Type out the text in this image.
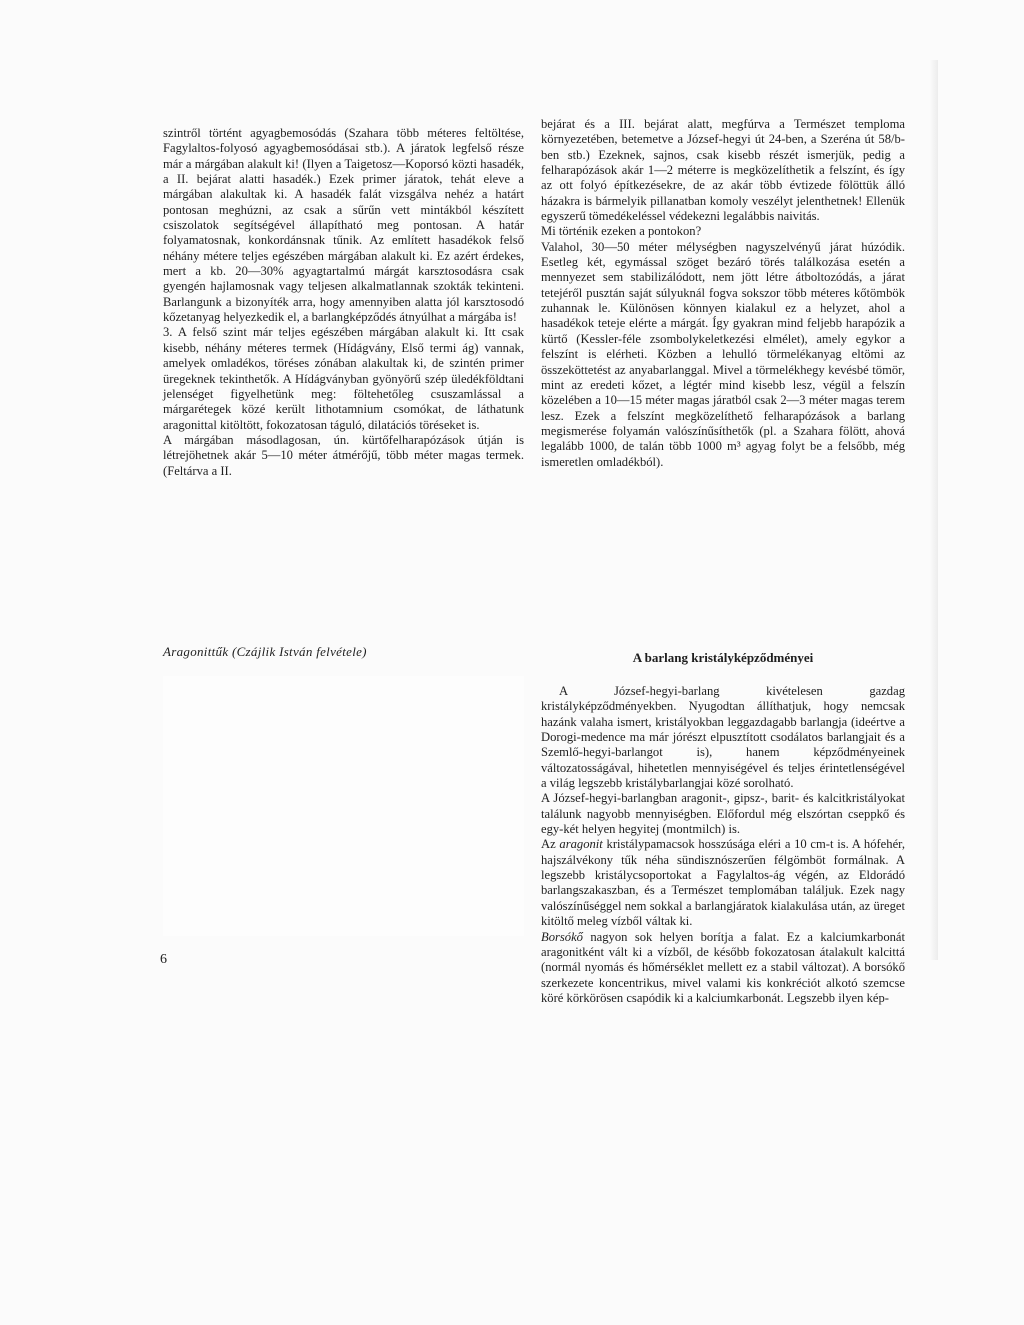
szintről történt agyagbemosódás (Szahara több méteres feltöltése, Fagylaltos-folyosó agyagbemosódásai stb.). A járatok legfelső része már a márgában alakult ki! (Ilyen a Taigetosz—Koporsó közti hasadék, a II. bejárat alatti hasadék.) Ezek primer járatok, tehát eleve a márgában alakultak ki. A hasadék falát vizsgálva nehéz a határt pontosan meghúzni, az csak a sűrűn vett mintákból készített csiszolatok segítségével állapítható meg pontosan. A határ folyamatosnak, konkordánsnak tűnik. Az említett hasadékok felső néhány métere teljes egészében márgában alakult ki. Ez azért érdekes, mert a kb. 20—30% agyagtartalmú márgát karsztosodásra csak gyengén hajlamosnak vagy teljesen alkalmatlannak szokták tekinteni. Barlangunk a bizonyíték arra, hogy amennyiben alatta jól karsztosodó kőzetanyag helyezkedik el, a barlangképződés átnyúlhat a márgába is!

3. A felső szint már teljes egészében márgában alakult ki. Itt csak kisebb, néhány méteres termek (Hídágvány, Első termi ág) vannak, amelyek omladékos, töréses zónában alakultak ki, de szintén primer üregeknek tekinthetők. A Hídágványban gyönyörű szép üledékföldtani jelenséget figyelhetünk meg: föltehetőleg csuszamlással a márgarétegek közé került lithotamnium csomókat, de láthatunk aragonittal kitöltött, fokozatosan táguló, dilatációs töréseket is.

A márgában másodlagosan, ún. kürtőfelharapózások útján is létrejöhetnek akár 5—10 méter átmérőjű, több méter magas termek. (Feltárva a II.

Aragonittűk (Czájlik István felvétele)

bejárat és a III. bejárat alatt, megfúrva a Természet temploma környezetében, betemetve a József-hegyi út 24-ben, a Szeréna út 58/b-ben stb.) Ezeknek, sajnos, csak kisebb részét ismerjük, pedig a felharapózások akár 1—2 méterre is megközelíthetik a felszínt, és így az ott folyó építkezésekre, de az akár több évtizede fölöttük álló házakra is bármelyik pillanatban komoly veszélyt jelenthetnek! Ellenük egyszerű tömedékeléssel védekezni legalábbis naivitás.

Mi történik ezeken a pontokon?

Valahol, 30—50 méter mélységben nagyszelvényű járat húzódik. Esetleg két, egymással szöget bezáró törés találkozása esetén a mennyezet sem stabilizálódott, nem jött létre átboltozódás, a járat tetejéről pusztán saját súlyuknál fogva sokszor több méteres kőtömbök zuhannak le. Különösen könnyen kialakul ez a helyzet, ahol a hasadékok teteje elérte a márgát. Így gyakran mind feljebb harapózik a kürtő (Kessler-féle zsombolykeletkezési elmélet), amely egykor a felszínt is elérheti. Közben a lehulló törmelékanyag eltömi az összeköttetést az anyabarlanggal. Mivel a törmelékhegy kevésbé tömör, mint az eredeti kőzet, a légtér mind kisebb lesz, végül a felszín közelében a 10—15 méter magas járatból csak 2—3 méter magas terem lesz. Ezek a felszínt megközelíthető felharapózások a barlang megismerése folyamán valószínűsíthetők (pl. a Szahara fölött, ahová legalább 1000, de talán több 1000 m³ agyag folyt be a felsőbb, még ismeretlen omladékból).

A barlang kristályképződményei

A József-hegyi-barlang kivételesen gazdag kristályképződményekben. Nyugodtan állíthatjuk, hogy nemcsak hazánk valaha ismert, kristályokban leggazdagabb barlangja (ideértve a Dorogi-medence ma már jórészt elpusztított csodálatos barlangjait és a Szemlő-hegyi-barlangot is), hanem képződményeinek változatosságával, hihetetlen mennyiségével és teljes érintetlenségével a világ legszebb kristálybarlangjai közé sorolható.

A József-hegyi-barlangban aragonit-, gipsz-, barit- és kalcitkristályokat találunk nagyobb mennyiségben. Előfordul még elszórtan cseppkő és egy-két helyen hegyitej (montmilch) is.

Az aragonit kristálypamacsok hosszúsága eléri a 10 cm-t is. A hófehér, hajszálvékony tűk néha sündisznószerűen félgömböt formálnak. A legszebb kristálycsoportokat a Fagylaltos-ág végén, az Eldorádó barlangszakaszban, és a Természet templomában találjuk. Ezek nagy valószínűséggel nem sokkal a barlangjáratok kialakulása után, az üreget kitöltő meleg vízből váltak ki.

Borsókő nagyon sok helyen borítja a falat. Ez a kalciumkarbonát aragonitként vált ki a vízből, de később fokozatosan átalakult kalcittá (normál nyomás és hőmérséklet mellett ez a stabil változat). A borsókő szerkezete koncentrikus, mivel valami kis konkréciót alkotó szemcse köré körkörösen csapódik ki a kalciumkarbonát. Legszebb ilyen kép-

6
